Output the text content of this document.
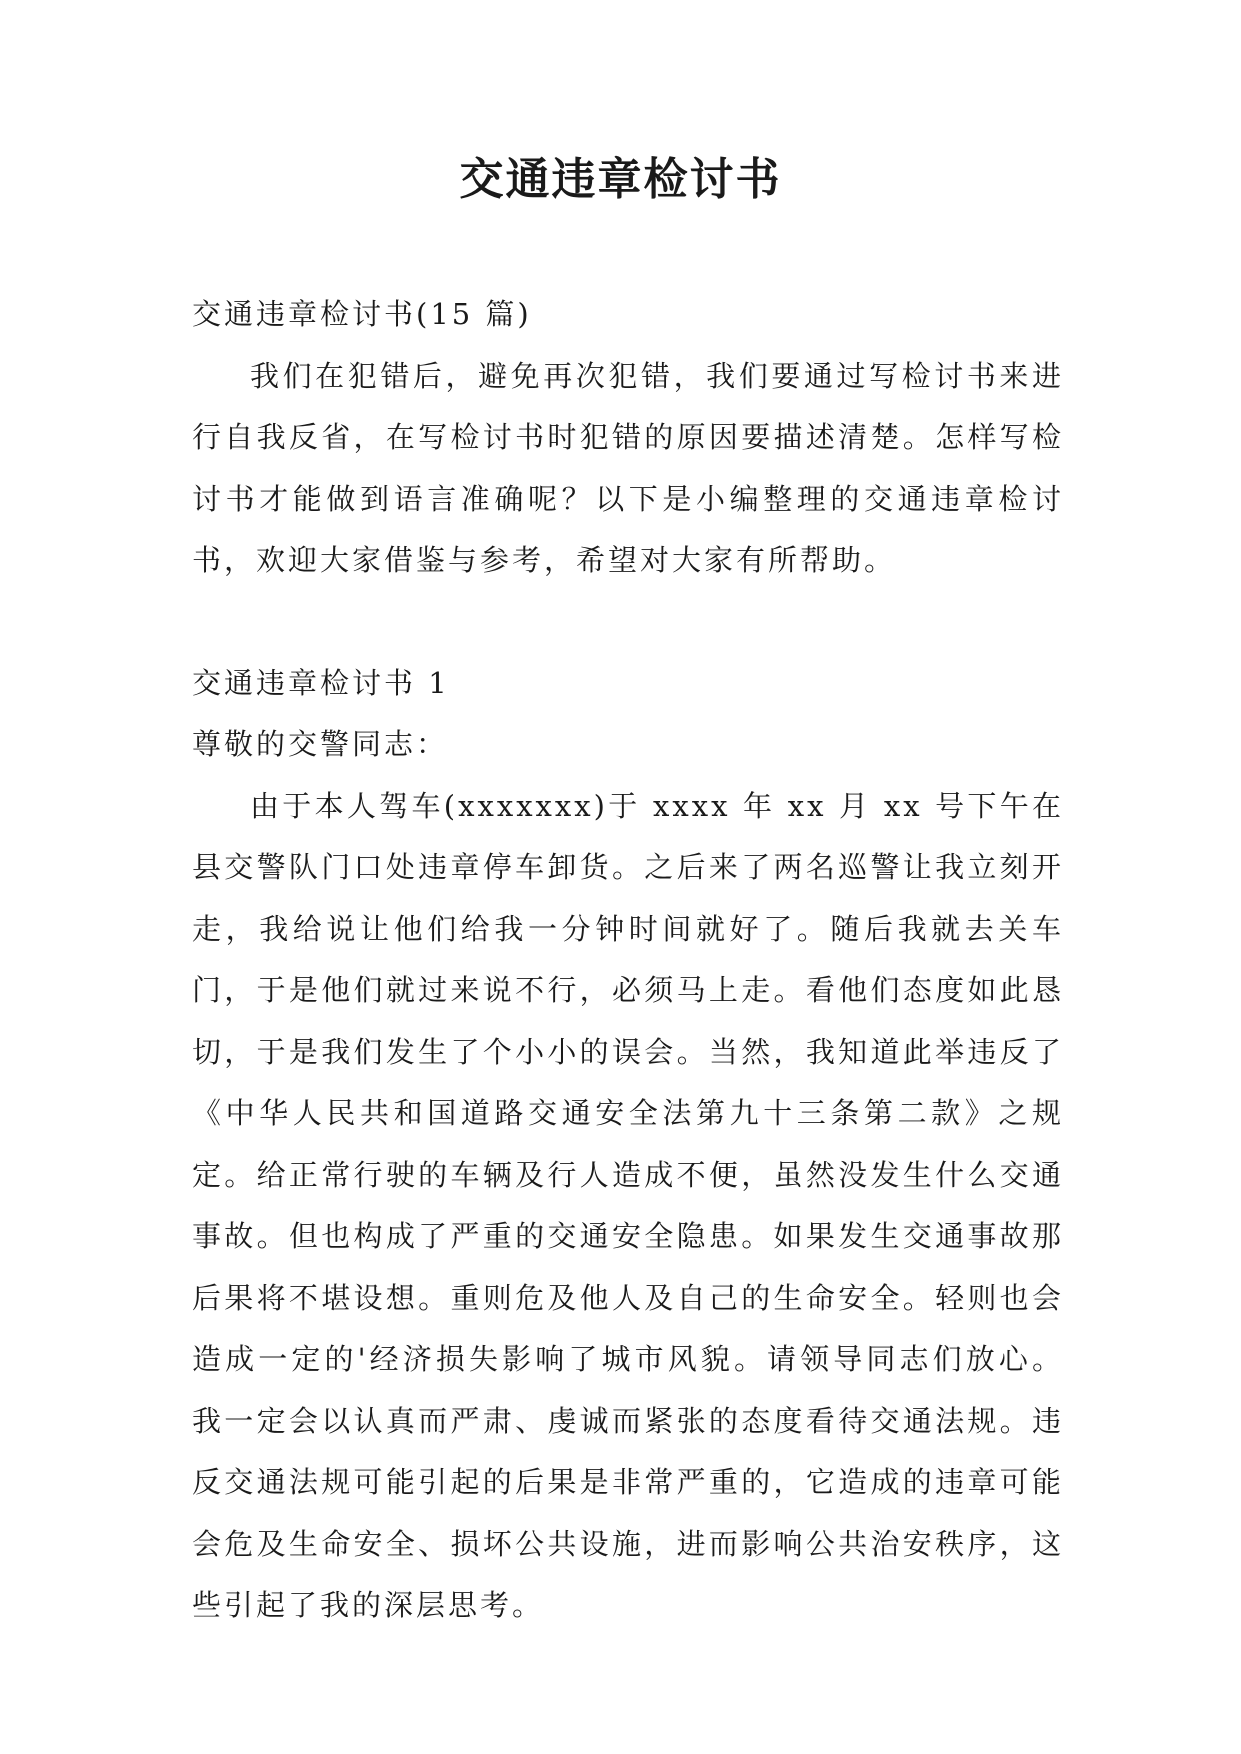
交通违章检讨书

交通违章检讨书(15 篇)

我们在犯错后，避免再次犯错，我们要通过写检讨书来进行自我反省，在写检讨书时犯错的原因要描述清楚。怎样写检讨书才能做到语言准确呢？以下是小编整理的交通违章检讨书，欢迎大家借鉴与参考，希望对大家有所帮助。

交通违章检讨书 1

尊敬的交警同志：

由于本人驾车(xxxxxxx)于 xxxx 年 xx 月 xx 号下午在县交警队门口处违章停车卸货。之后来了两名巡警让我立刻开走，我给说让他们给我一分钟时间就好了。随后我就去关车门，于是他们就过来说不行，必须马上走。看他们态度如此恳切，于是我们发生了个小小的误会。当然，我知道此举违反了《中华人民共和国道路交通安全法第九十三条第二款》之规定。给正常行驶的车辆及行人造成不便，虽然没发生什么交通事故。但也构成了严重的交通安全隐患。如果发生交通事故那后果将不堪设想。重则危及他人及自己的生命安全。轻则也会造成一定的'经济损失影响了城市风貌。请领导同志们放心。我一定会以认真而严肃、虔诚而紧张的态度看待交通法规。违反交通法规可能引起的后果是非常严重的，它造成的违章可能会危及生命安全、损坏公共设施，进而影响公共治安秩序，这些引起了我的深层思考。
